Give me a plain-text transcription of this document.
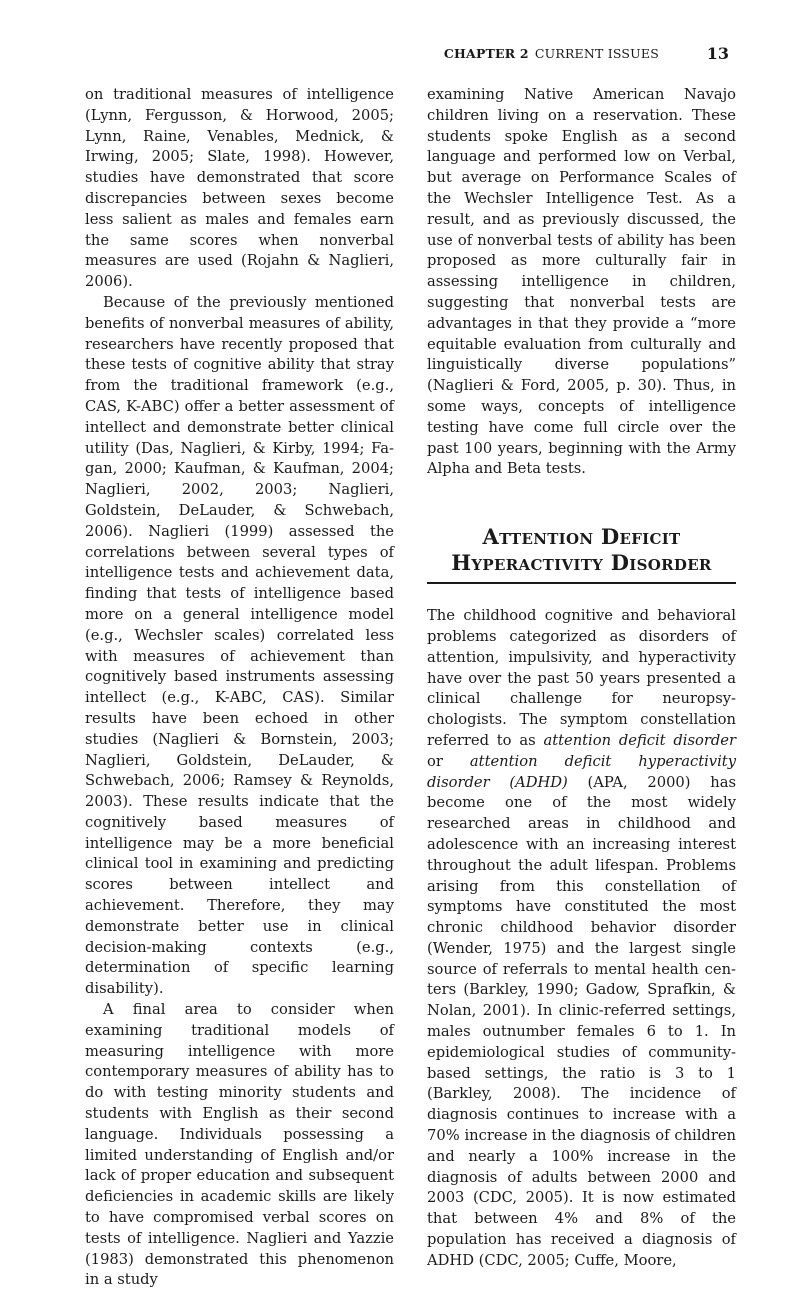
CHAPTER 2 CURRENT ISSUES	13

on traditional measures of intelligence (Lynn, Fergusson, & Horwood, 2005; Lynn, Raine, Venables, Mednick, & Irwing, 2005; Slate, 1998). However, studies have demonstrated that score discrepancies between sexes become less salient as males and females earn the same scores when nonverbal measures are used (Rojahn & Naglieri, 2006).

Because of the previously mentioned benefits of nonverbal measures of ability, researchers have recently proposed that these tests of cognitive ability that stray from the traditional framework (e.g., CAS, K-ABC) offer a better assessment of intellect and demonstrate better clinical utility (Das, Naglieri, & Kirby, 1994; Fagan, 2000; Kaufman, & Kaufman, 2004; Naglieri, 2002, 2003; Naglieri, Goldstein, DeLauder, & Schwebach, 2006). Naglieri (1999) assessed the correlations between several types of intelligence tests and achievement data, finding that tests of intelligence based more on a general intelligence model (e.g., Wechsler scales) correlated less with measures of achievement than cognitively based instruments assessing intellect (e.g., K-ABC, CAS). Similar results have been echoed in other studies (Naglieri & Bornstein, 2003; Naglieri, Goldstein, DeLauder, & Schwebach, 2006; Ramsey & Reynolds, 2003). These results indicate that the cognitively based measures of intelligence may be a more beneficial clinical tool in examining and predicting scores between intellect and achievement. Therefore, they may demonstrate better use in clinical decision-making contexts (e.g., determination of specific learning disability).

A final area to consider when examining traditional models of measuring intelligence with more contemporary measures of ability has to do with testing minority students and students with English as their second language. Individuals possessing a limited understanding of English and/or lack of proper education and subsequent deficiencies in academic skills are likely to have compromised verbal scores on tests of intelligence. Naglieri and Yazzie (1983) demonstrated this phenomenon in a study

examining Native American Navajo children living on a reservation. These students spoke English as a second language and performed low on Verbal, but average on Performance Scales of the Wechsler Intelligence Test. As a result, and as previously discussed, the use of nonverbal tests of ability has been proposed as more culturally fair in assessing intelligence in children, suggesting that nonverbal tests are advantages in that they provide a “more equitable evaluation from culturally and linguistically diverse populations” (Naglieri & Ford, 2005, p. 30). Thus, in some ways, concepts of intelligence testing have come full circle over the past 100 years, beginning with the Army Alpha and Beta tests.

Attention Deficit
Hyperactivity Disorder

The childhood cognitive and behavioral problems categorized as disorders of attention, impulsivity, and hyperactivity have over the past 50 years presented a clinical challenge for neuropsychologists. The symptom constellation referred to as attention deficit disorder or attention deficit hyperactivity disorder (ADHD) (APA, 2000) has become one of the most widely researched areas in childhood and adolescence with an increasing interest throughout the adult lifespan. Problems arising from this constellation of symptoms have constituted the most chronic childhood behavior disorder (Wender, 1975) and the largest single source of referrals to mental health centers (Barkley, 1990; Gadow, Sprafkin, & Nolan, 2001). In clinic-referred settings, males outnumber females 6 to 1. In epidemiological studies of community-based settings, the ratio is 3 to 1 (Barkley, 2008). The incidence of diagnosis continues to increase with a 70% increase in the diagnosis of children and nearly a 100% increase in the diagnosis of adults between 2000 and 2003 (CDC, 2005). It is now estimated that between 4% and 8% of the population has received a diagnosis of ADHD (CDC, 2005; Cuffe, Moore,
